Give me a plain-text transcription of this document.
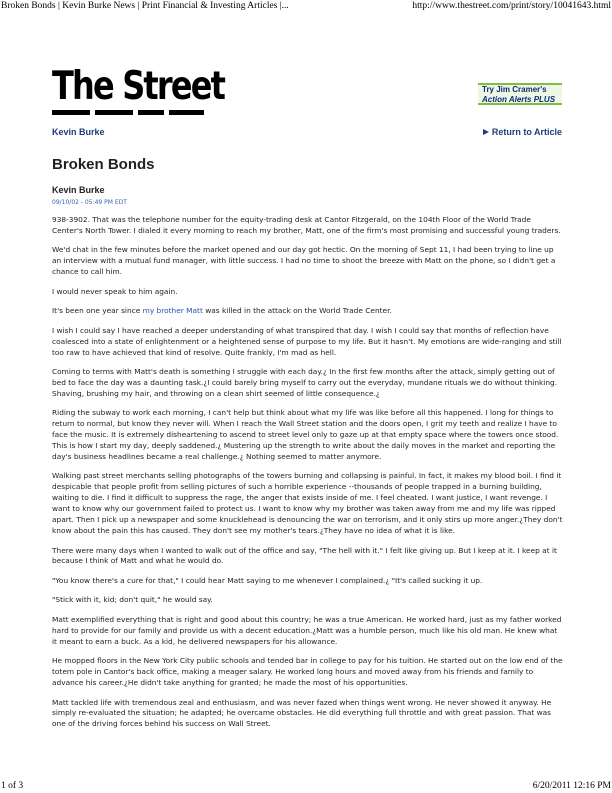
Broken Bonds | Kevin Burke News | Print Financial & Investing Articles |...	http://www.thestreet.com/print/story/10041643.html
The Street	Try Jim Cramer's
Action Alerts PLUS
Kevin Burke	Return to Article
Broken Bonds
Kevin Burke
09/10/02 - 05:49 PM EDT

938-3902. That was the telephone number for the equity-trading desk at Cantor Fitzgerald, on the 104th Floor of the World Trade Center's North Tower. I dialed it every morning to reach my brother, Matt, one of the firm's most promising and successful young traders.

We'd chat in the few minutes before the market opened and our day got hectic. On the morning of Sept 11, I had been trying to line up an interview with a mutual fund manager, with little success. I had no time to shoot the breeze with Matt on the phone, so I didn't get a chance to call him.

I would never speak to him again.

It's been one year since my brother Matt was killed in the attack on the World Trade Center.

I wish I could say I have reached a deeper understanding of what transpired that day. I wish I could say that months of reflection have coalesced into a state of enlightenment or a heightened sense of purpose to my life. But it hasn't. My emotions are wide-ranging and still too raw to have achieved that kind of resolve. Quite frankly, I'm mad as hell.

Coming to terms with Matt's death is something I struggle with each day.¿ In the first few months after the attack, simply getting out of bed to face the day was a daunting task.¿I could barely bring myself to carry out the everyday, mundane rituals we do without thinking. Shaving, brushing my hair, and throwing on a clean shirt seemed of little consequence.¿

Riding the subway to work each morning, I can't help but think about what my life was like before all this happened. I long for things to return to normal, but know they never will. When I reach the Wall Street station and the doors open, I grit my teeth and realize I have to face the music. It is extremely disheartening to ascend to street level only to gaze up at that empty space where the towers once stood. This is how I start my day, deeply saddened.¿ Mustering up the strength to write about the daily moves in the market and reporting the day's business headlines became a real challenge.¿ Nothing seemed to matter anymore.

Walking past street merchants selling photographs of the towers burning and collapsing is painful. In fact, it makes my blood boil. I find it despicable that people profit from selling pictures of such a horrible experience --thousands of people trapped in a burning building, waiting to die. I find it difficult to suppress the rage, the anger that exists inside of me. I feel cheated. I want justice, I want revenge. I want to know why our government failed to protect us. I want to know why my brother was taken away from me and my life was ripped apart. Then I pick up a newspaper and some knucklehead is denouncing the war on terrorism, and it only stirs up more anger.¿They don't know about the pain this has caused. They don't see my mother's tears.¿They have no idea of what it is like.

There were many days when I wanted to walk out of the office and say, "The hell with it." I felt like giving up. But I keep at it. I keep at it because I think of Matt and what he would do.

"You know there's a cure for that," I could hear Matt saying to me whenever I complained.¿ "It's called sucking it up.

"Stick with it, kid; don't quit," he would say.

Matt exemplified everything that is right and good about this country; he was a true American. He worked hard, just as my father worked hard to provide for our family and provide us with a decent education.¿Matt was a humble person, much like his old man. He knew what it meant to earn a buck. As a kid, he delivered newspapers for his allowance.

He mopped floors in the New York City public schools and tended bar in college to pay for his tuition. He started out on the low end of the totem pole in Cantor's back office, making a meager salary. He worked long hours and moved away from his friends and family to advance his career.¿He didn't take anything for granted; he made the most of his opportunities.

Matt tackled life with tremendous zeal and enthusiasm, and was never fazed when things went wrong. He never showed it anyway. He simply re-evaluated the situation; he adapted; he overcame obstacles. He did everything full throttle and with great passion. That was one of the driving forces behind his success on Wall Street.

1 of 3	6/20/2011 12:16 PM
